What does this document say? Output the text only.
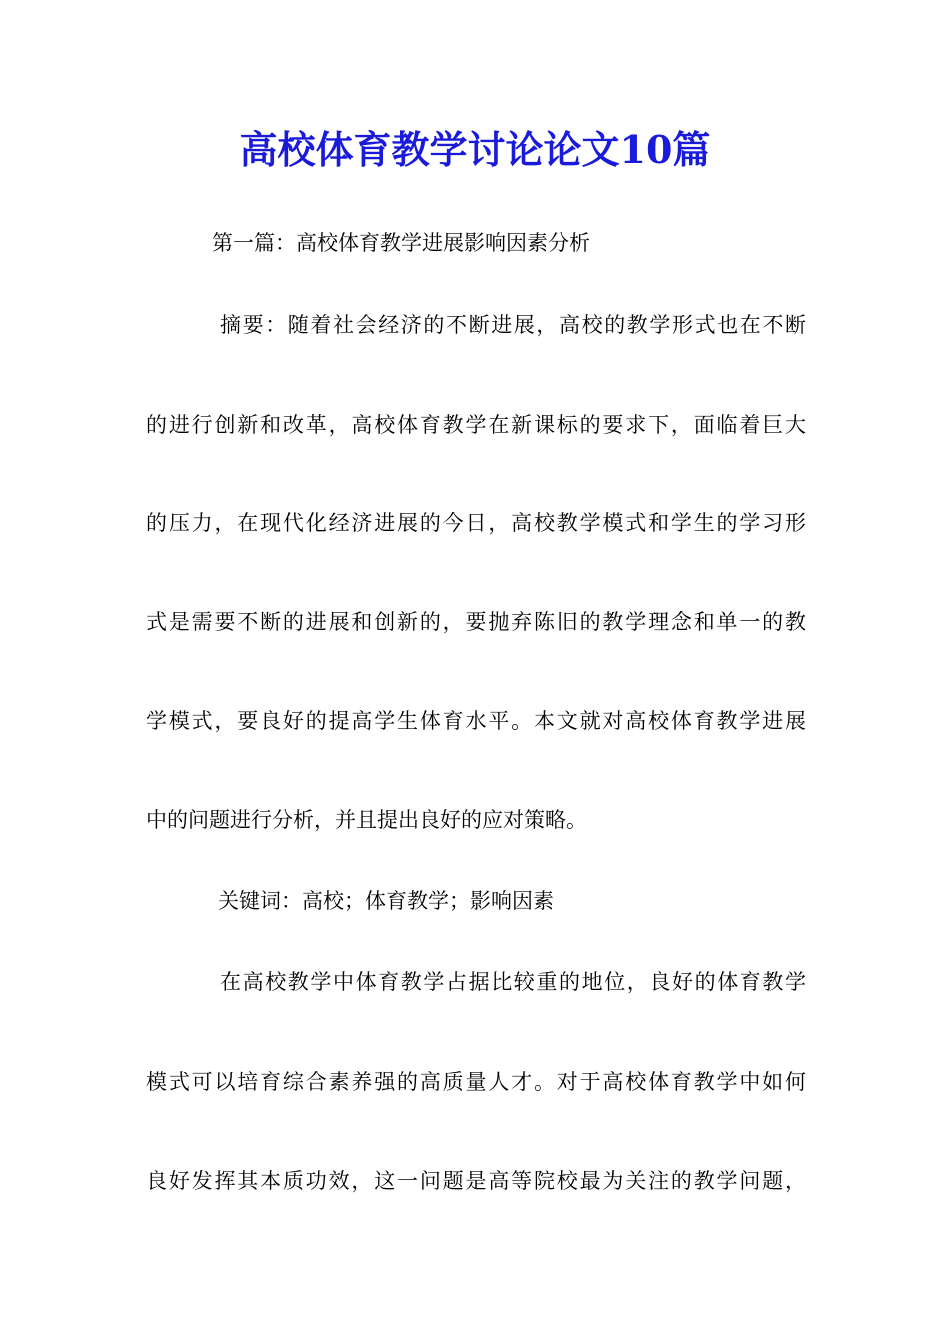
高校体育教学讨论论文10篇
第一篇：高校体育教学进展影响因素分析
摘要：随着社会经济的不断进展，高校的教学形式也在不断
的进行创新和改革，高校体育教学在新课标的要求下，面临着巨大
的压力，在现代化经济进展的今日，高校教学模式和学生的学习形
式是需要不断的进展和创新的，要抛弃陈旧的教学理念和单一的教
学模式，要良好的提高学生体育水平。本文就对高校体育教学进展
中的问题进行分析，并且提出良好的应对策略。
关键词：高校；体育教学；影响因素
在高校教学中体育教学占据比较重的地位，良好的体育教学
模式可以培育综合素养强的高质量人才。对于高校体育教学中如何
良好发挥其本质功效，这一问题是高等院校最为关注的教学问题，
